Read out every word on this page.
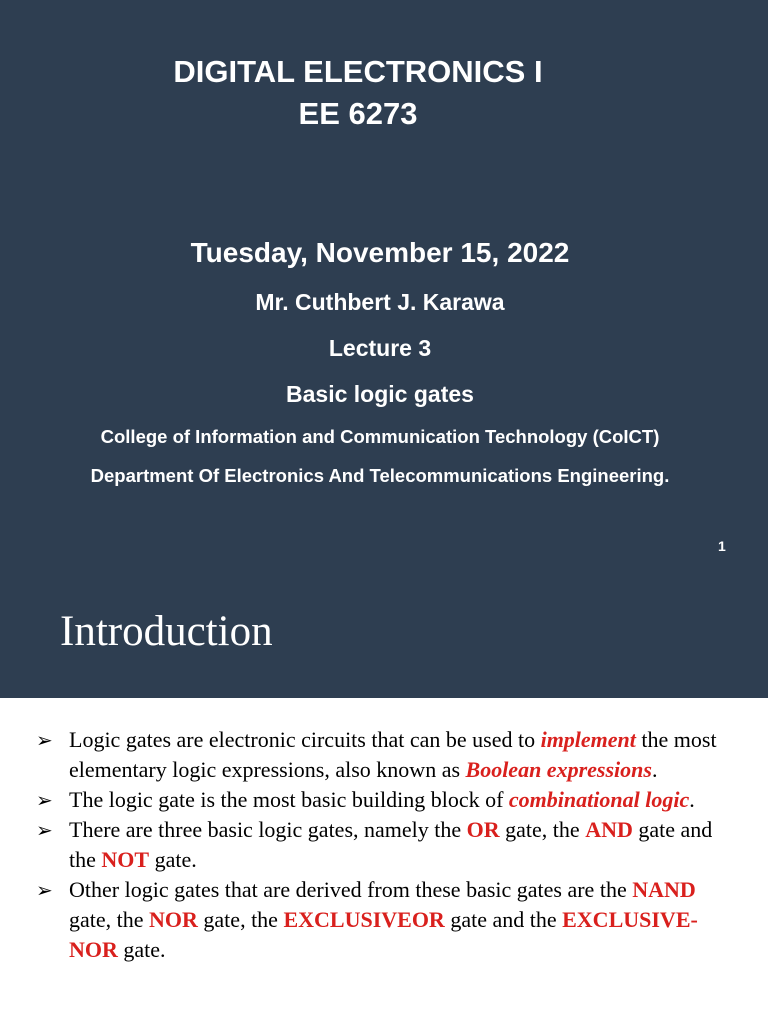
DIGITAL ELECTRONICS I
EE 6273
Tuesday, November 15, 2022
Mr. Cuthbert J. Karawa
Lecture 3
Basic logic gates
College of Information and Communication Technology (CoICT)
Department Of Electronics And Telecommunications Engineering.
1
Introduction
➢ Logic gates are electronic circuits that can be used to implement the most elementary logic expressions, also known as Boolean expressions.
➢ The logic gate is the most basic building block of combinational logic.
➢ There are three basic logic gates, namely the OR gate, the AND gate and the NOT gate.
➢ Other logic gates that are derived from these basic gates are the NAND gate, the NOR gate, the EXCLUSIVEOR gate and the EXCLUSIVE-NOR gate.
